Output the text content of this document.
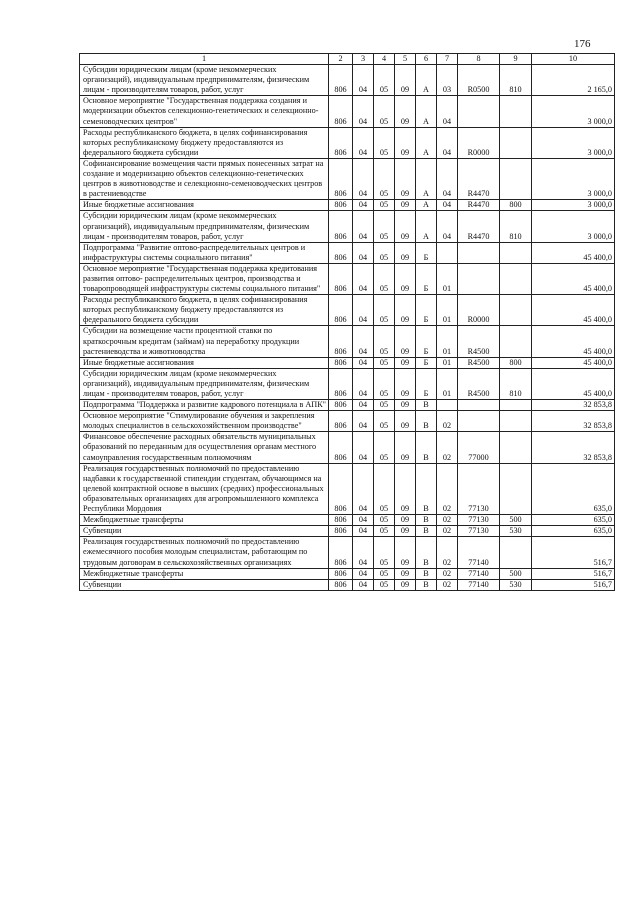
176
1	2	3	4	5	6	7	8	9	10
Субсидии юридическим лицам (кроме некоммерческих организаций), индивидуальным предпринимателям, физическим лицам - производителям товаров, работ, услуг	806	04	05	09	А	03	R0500	810	2 165,0
Основное мероприятие "Государственная поддержка создания и модернизации объектов селекционно-генетических и селекционно-семеноводческих центров"	806	04	05	09	А	04			3 000,0
Расходы республиканского бюджета, в целях софинансирования которых республиканскому бюджету предоставляются из федерального бюджета субсидии	806	04	05	09	А	04	R0000		3 000,0
Софинансирование возмещения части прямых понесенных затрат на создание и модернизацию объектов селекционно-генетических центров в животноводстве и селекционно-семеноводческих центров в растениеводстве	806	04	05	09	А	04	R4470		3 000,0
Иные бюджетные ассигнования	806	04	05	09	А	04	R4470	800	3 000,0
Субсидии юридическим лицам (кроме некоммерческих организаций), индивидуальным предпринимателям, физическим лицам - производителям товаров, работ, услуг	806	04	05	09	А	04	R4470	810	3 000,0
Подпрограмма "Развитие оптово-распределительных центров и инфраструктуры системы социального питания"	806	04	05	09	Б				45 400,0
Основное мероприятие "Государственная поддержка кредитования развития оптово- распределительных центров, производства и товаропроводящей инфраструктуры системы социального питания"	806	04	05	09	Б	01			45 400,0
Расходы республиканского бюджета, в целях софинансирования которых республиканскому бюджету предоставляются из федерального бюджета субсидии	806	04	05	09	Б	01	R0000		45 400,0
Субсидии на возмещение части процентной ставки по краткосрочным кредитам (займам) на переработку продукции растениеводства и животноводства	806	04	05	09	Б	01	R4500		45 400,0
Иные бюджетные ассигнования	806	04	05	09	Б	01	R4500	800	45 400,0
Субсидии юридическим лицам (кроме некоммерческих организаций), индивидуальным предпринимателям, физическим лицам - производителям товаров, работ, услуг	806	04	05	09	Б	01	R4500	810	45 400,0
Подпрограмма "Поддержка и развитие кадрового потенциала в АПК"	806	04	05	09	В				32 853,8
Основное мероприятие "Стимулирование обучения и закрепления молодых специалистов в сельскохозяйственном производстве"	806	04	05	09	В	02			32 853,8
Финансовое обеспечение расходных обязательств муниципальных образований по переданным для осуществления органам местного самоуправления государственным полномочиям	806	04	05	09	В	02	77000		32 853,8
Реализация государственных полномочий по предоставлению надбавки к государственной стипендии студентам, обучающимся на целевой контрактной основе в высших (средних) профессиональных образовательных организациях для агропромышленного комплекса Республики Мордовия	806	04	05	09	В	02	77130		635,0
Межбюджетные трансферты	806	04	05	09	В	02	77130	500	635,0
Субвенции	806	04	05	09	В	02	77130	530	635,0
Реализация государственных полномочий по предоставлению ежемесячного пособия молодым специалистам, работающим по трудовым договорам в сельскохозяйственных организациях	806	04	05	09	В	02	77140		516,7
Межбюджетные трансферты	806	04	05	09	В	02	77140	500	516,7
Субвенции	806	04	05	09	В	02	77140	530	516,7
